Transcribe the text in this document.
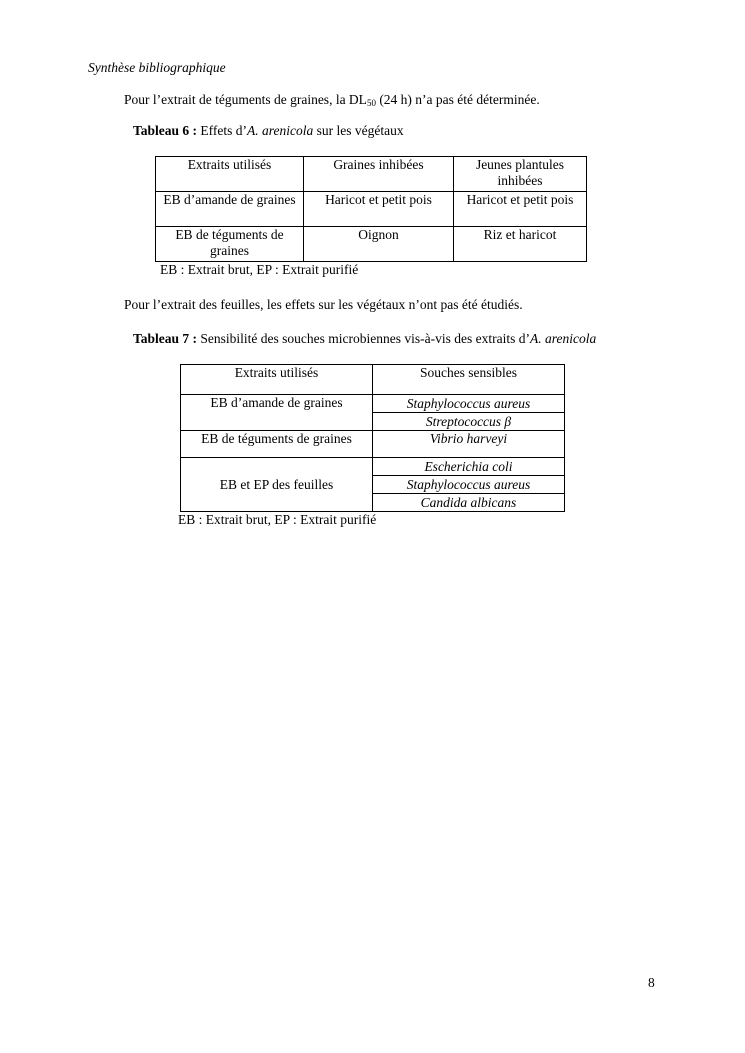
Synthèse bibliographique
Pour l’extrait de téguments de graines, la $DL_{50}$ (24 h) n’a pas été déterminée.
Tableau 6 : Effets d’A. arenicola sur les végétaux
Extraits utilisés	Graines inhibées	Jeunes plantules inhibées
EB d’amande de graines	Haricot et petit pois	Haricot et petit pois
EB de téguments de graines	Oignon	Riz et haricot
EB : Extrait brut, EP : Extrait purifié
Pour l’extrait des feuilles, les effets sur les végétaux n’ont pas été étudiés.
Tableau 7 : Sensibilité des souches microbiennes vis-à-vis des extraits d’A. arenicola
Extraits utilisés	Souches sensibles
EB d’amande de graines	Staphylococcus aureus
	Streptococcus β
EB de téguments de graines	Vibrio harveyi
EB et EP des feuilles	Escherichia coli
	Staphylococcus aureus
	Candida albicans
EB : Extrait brut, EP : Extrait purifié
8
